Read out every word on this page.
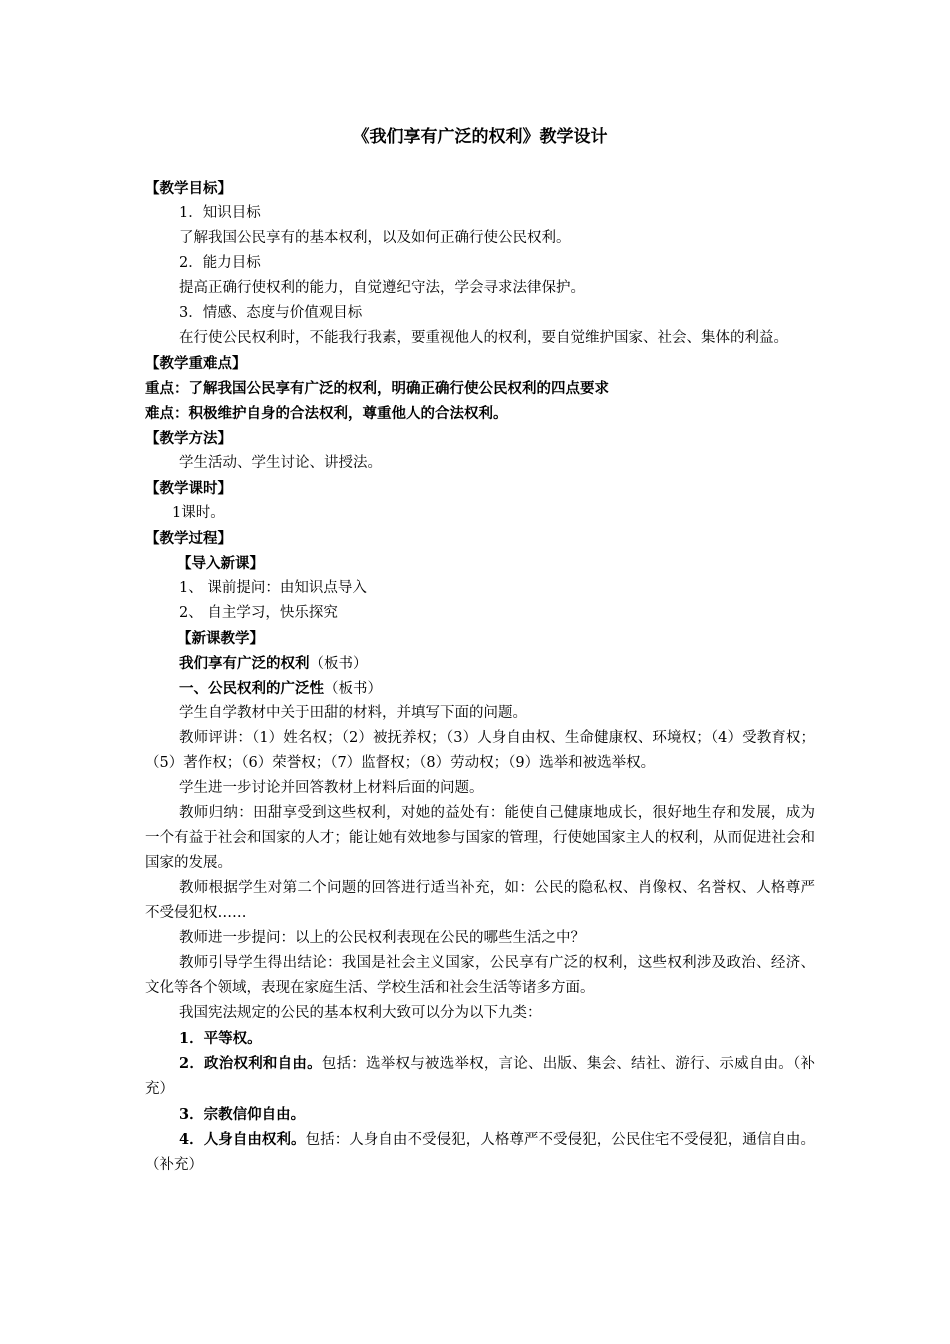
《我们享有广泛的权利》教学设计
【教学目标】
1．知识目标
了解我国公民享有的基本权利，以及如何正确行使公民权利。
2．能力目标
提高正确行使权利的能力，自觉遵纪守法，学会寻求法律保护。
3．情感、态度与价值观目标
在行使公民权利时，不能我行我素，要重视他人的权利，要自觉维护国家、社会、集体的利益。
【教学重难点】
重点：了解我国公民享有广泛的权利，明确正确行使公民权利的四点要求
难点：积极维护自身的合法权利，尊重他人的合法权利。
【教学方法】
学生活动、学生讨论、讲授法。
【教学课时】
1课时。
【教学过程】
【导入新课】
1、 课前提问：由知识点导入
2、 自主学习，快乐探究
【新课教学】
我们享有广泛的权利（板书）
一、公民权利的广泛性（板书）
学生自学教材中关于田甜的材料，并填写下面的问题。
教师评讲：（1）姓名权；（2）被抚养权；（3）人身自由权、生命健康权、环境权；（4）受教育权；（5）著作权；（6）荣誉权；（7）监督权；（8）劳动权；（9）选举和被选举权。
学生进一步讨论并回答教材上材料后面的问题。
教师归纳：田甜享受到这些权利，对她的益处有：能使自己健康地成长，很好地生存和发展，成为一个有益于社会和国家的人才；能让她有效地参与国家的管理，行使她国家主人的权利，从而促进社会和国家的发展。
教师根据学生对第二个问题的回答进行适当补充，如：公民的隐私权、肖像权、名誉权、人格尊严不受侵犯权……
教师进一步提问：以上的公民权利表现在公民的哪些生活之中？
教师引导学生得出结论：我国是社会主义国家，公民享有广泛的权利，这些权利涉及政治、经济、文化等各个领域，表现在家庭生活、学校生活和社会生活等诸多方面。
我国宪法规定的公民的基本权利大致可以分为以下九类：
1．平等权。
2．政治权利和自由。包括：选举权与被选举权，言论、出版、集会、结社、游行、示威自由。（补充）
3．宗教信仰自由。
4．人身自由权利。包括：人身自由不受侵犯，人格尊严不受侵犯，公民住宅不受侵犯，通信自由。（补充）
